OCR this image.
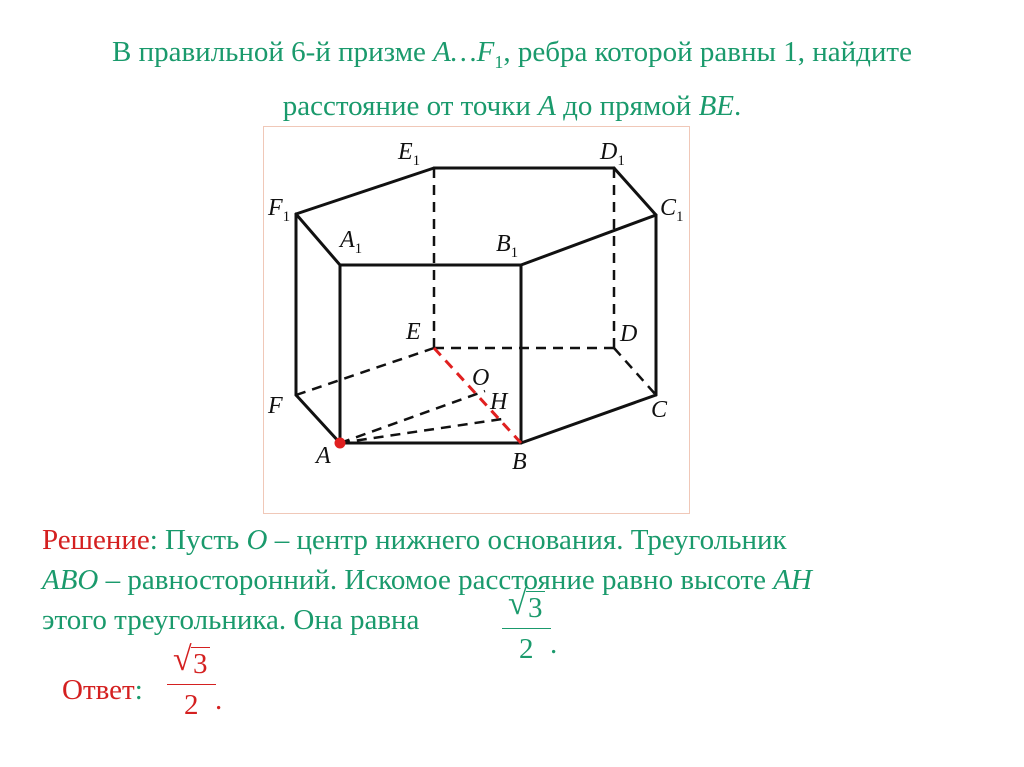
В правильной 6-й призме $A\dots F_1$, ребра которой равны 1, найдите
расстояние от точки A до прямой BE.
$E_1$	$D_1$
$F_1$	$C_1$
$A_1$	$B_1$
E	D
O
H
F	C
A	B
Решение: Пусть O – центр нижнего основания. Треугольник
ABO – равносторонний. Искомое расстояние равно высоте AH
этого треугольника. Она равна	$\frac{√ 3}{2}$ .
Ответ: $\frac{√ 3}{2}$ .
